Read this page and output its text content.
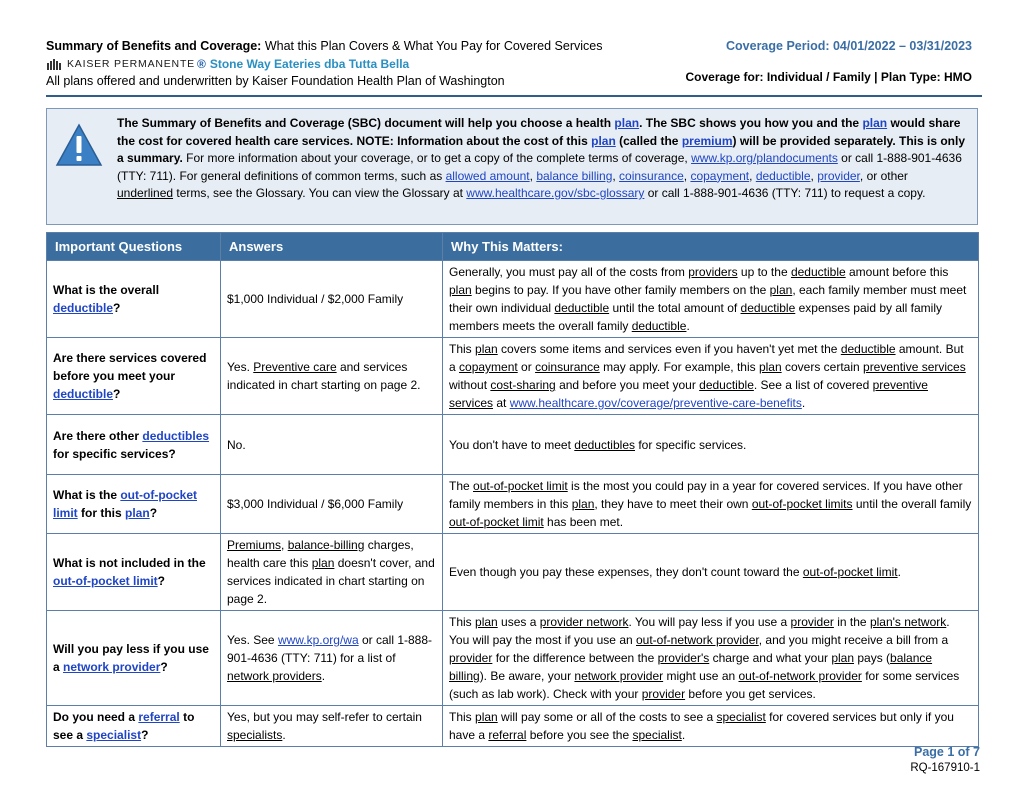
Summary of Benefits and Coverage: What this Plan Covers & What You Pay for Covered Services
KAISER PERMANENTE ® Stone Way Eateries dba Tutta Bella
All plans offered and underwritten by Kaiser Foundation Health Plan of Washington
Coverage Period: 04/01/2022 – 03/31/2023
Coverage for: Individual / Family | Plan Type: HMO
The Summary of Benefits and Coverage (SBC) document will help you choose a health plan. The SBC shows you how you and the plan would share the cost for covered health care services. NOTE: Information about the cost of this plan (called the premium) will be provided separately. This is only a summary. For more information about your coverage, or to get a copy of the complete terms of coverage, www.kp.org/plandocuments or call 1-888-901-4636 (TTY: 711). For general definitions of common terms, such as allowed amount, balance billing, coinsurance, copayment, deductible, provider, or other underlined terms, see the Glossary. You can view the Glossary at www.healthcare.gov/sbc-glossary or call 1-888-901-4636 (TTY: 711) to request a copy.
Important Questions	Answers	Why This Matters:
What is the overall deductible?	$1,000 Individual / $2,000 Family	Generally, you must pay all of the costs from providers up to the deductible amount before this plan begins to pay. If you have other family members on the plan, each family member must meet their own individual deductible until the total amount of deductible expenses paid by all family members meets the overall family deductible.
Are there services covered before you meet your deductible?	Yes. Preventive care and services indicated in chart starting on page 2.	This plan covers some items and services even if you haven't yet met the deductible amount. But a copayment or coinsurance may apply. For example, this plan covers certain preventive services without cost-sharing and before you meet your deductible. See a list of covered preventive services at www.healthcare.gov/coverage/preventive-care-benefits.
Are there other deductibles for specific services?	No.	You don't have to meet deductibles for specific services.
What is the out-of-pocket limit for this plan?	$3,000 Individual / $6,000 Family	The out-of-pocket limit is the most you could pay in a year for covered services. If you have other family members in this plan, they have to meet their own out-of-pocket limits until the overall family out-of-pocket limit has been met.
What is not included in the out-of-pocket limit?	Premiums, balance-billing charges, health care this plan doesn't cover, and services indicated in chart starting on page 2.	Even though you pay these expenses, they don't count toward the out-of-pocket limit.
Will you pay less if you use a network provider?	Yes. See www.kp.org/wa or call 1-888-901-4636 (TTY: 711) for a list of network providers.	This plan uses a provider network. You will pay less if you use a provider in the plan's network. You will pay the most if you use an out-of-network provider, and you might receive a bill from a provider for the difference between the provider's charge and what your plan pays (balance billing). Be aware, your network provider might use an out-of-network provider for some services (such as lab work). Check with your provider before you get services.
Do you need a referral to see a specialist?	Yes, but you may self-refer to certain specialists.	This plan will pay some or all of the costs to see a specialist for covered services but only if you have a referral before you see the specialist.
Page 1 of 7
RQ-167910-1
